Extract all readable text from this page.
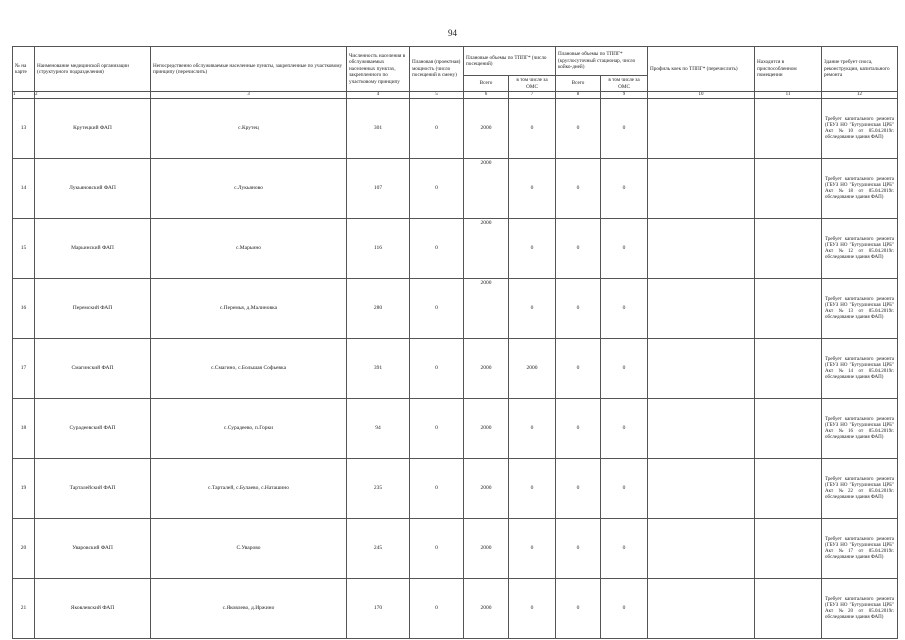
94
№ на карте	Наименование медицинской организации (структурного подразделения)	Непосредственно обслуживаемые населенные пункты, закрепленные по участковому принципу (перечислить)	Численность населения в обслуживаемых населенных пунктах, закрепленного по участковому принципу	Плановая (проектная) мощность (число посещений в смену)	Плановые объемы по ТППГ* (число посещений)		Плановые объемы по ТППГ* (круглосуточный стационар, число койко-дней)		Профиль коек по ТППГ* (перечислить)	Находится в приспособленном помещении	Здание требует сноса, реконструкции, капитального ремонта
					Всего	в том числе за ОМС	Всего	в том числе за ОМС			
1	2	3	4	5	6	7	8	9	10	11	12
13	Крутецкий ФАП	с.Крутец	301	0	2000	0	0	0			Требует капитального ремонта (ГБУЗ НО "Бутурлинская ЦРБ" Акт №10 от 05.04.2019г. обследование здания ФАП)
14	Лукьяновский ФАП	с.Лукьяново	107	0	2000	0	0	0			Требует капитального ремонта (ГБУЗ НО "Бутурлинская ЦРБ" Акт №18 от 05.04.2019г. обследование здания ФАП)
15	Марьинский ФАП	с.Марьино	116	0	2000	0	0	0			Требует капитального ремонта (ГБУЗ НО "Бутурлинская ЦРБ" Акт №12 от 05.04.2019г. обследование здания ФАП)
16	Перемский ФАП	с.Перемья, д.Малиновка	280	0	2000	0	0	0			Требует капитального ремонта (ГБУЗ НО "Бутурлинская ЦРБ" Акт №13 от 05.04.2019г. обследование здания ФАП)
17	Смагинский ФАП	с.Смагино, с.Большая Софьевка	391	0	2000	2000	0	0			Требует капитального ремонта (ГБУЗ НО "Бутурлинская ЦРБ" Акт №14 от 05.04.2019г. обследование здания ФАП)
18	Сурадеевский ФАП	с.Сурадеево, п.Горки	94	0	2000	0	0	0			Требует капитального ремонта (ГБУЗ НО "Бутурлинская ЦРБ" Акт №16 от 05.04.2019г. обследование здания ФАП)
19	Тарталейский ФАП	с.Тарталей, с.Булаево, с.Наташино	235	0	2000	0	0	0			Требует капитального ремонта (ГБУЗ НО "Бутурлинская ЦРБ" Акт №22 от 05.04.2019г. обследование здания ФАП)
20	Уваровский ФАП	С.Уварово	245	0	2000	0	0	0			Требует капитального ремонта (ГБУЗ НО "Бутурлинская ЦРБ" Акт №17 от 05.04.2019г. обследование здания ФАП)
21	Яковлевский ФАП	с.Яковлево, д.Иржино	170	0	2000	0	0	0			Требует капитального ремонта (ГБУЗ НО "Бутурлинская ЦРБ" Акт №20 от 05.04.2019г. обследование здания ФАП)
